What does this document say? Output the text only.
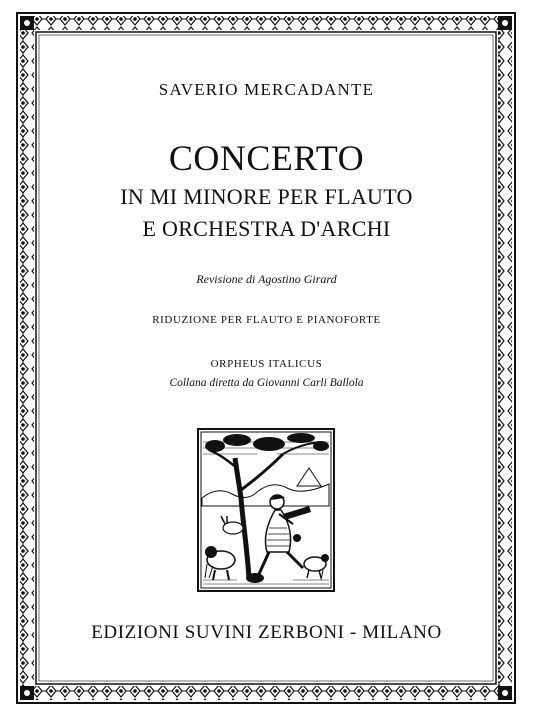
SAVERIO MERCADANTE
CONCERTO
IN MI MINORE PER FLAUTO
E ORCHESTRA D'ARCHI
Revisione di Agostino Girard
RIDUZIONE PER FLAUTO E PIANOFORTE
ORPHEUS ITALICUS
Collana diretta da Giovanni Carli Ballola
EDIZIONI SUVINI ZERBONI - MILANO
